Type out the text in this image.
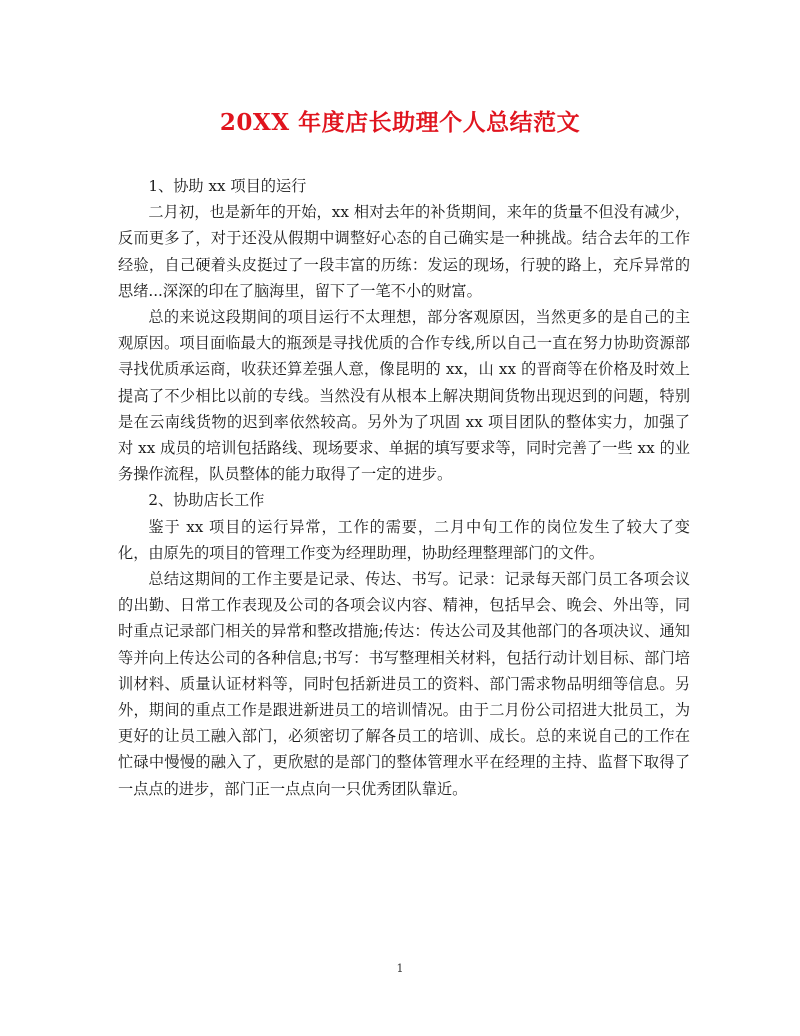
20XX 年度店长助理个人总结范文

1、协助 xx 项目的运行

二月初，也是新年的开始，xx 相对去年的补货期间，来年的货量不但没有减少，反而更多了，对于还没从假期中调整好心态的自己确实是一种挑战。结合去年的工作经验，自己硬着头皮挺过了一段丰富的历练：发运的现场，行驶的路上，充斥异常的思绪...深深的印在了脑海里，留下了一笔不小的财富。

总的来说这段期间的项目运行不太理想，部分客观原因，当然更多的是自己的主观原因。项目面临最大的瓶颈是寻找优质的合作专线,所以自己一直在努力协助资源部寻找优质承运商，收获还算差强人意，像昆明的 xx，山 xx 的晋商等在价格及时效上提高了不少相比以前的专线。当然没有从根本上解决期间货物出现迟到的问题，特别是在云南线货物的迟到率依然较高。另外为了巩固 xx 项目团队的整体实力，加强了对 xx 成员的培训包括路线、现场要求、单据的填写要求等，同时完善了一些 xx 的业务操作流程，队员整体的能力取得了一定的进步。

2、协助店长工作

鉴于 xx 项目的运行异常，工作的需要，二月中旬工作的岗位发生了较大了变化，由原先的项目的管理工作变为经理助理，协助经理整理部门的文件。

总结这期间的工作主要是记录、传达、书写。记录：记录每天部门员工各项会议的出勤、日常工作表现及公司的各项会议内容、精神，包括早会、晚会、外出等，同时重点记录部门相关的异常和整改措施;传达：传达公司及其他部门的各项决议、通知等并向上传达公司的各种信息;书写：书写整理相关材料，包括行动计划目标、部门培训材料、质量认证材料等，同时包括新进员工的资料、部门需求物品明细等信息。另外，期间的重点工作是跟进新进员工的培训情况。由于二月份公司招进大批员工，为更好的让员工融入部门，必须密切了解各员工的培训、成长。总的来说自己的工作在忙碌中慢慢的融入了，更欣慰的是部门的整体管理水平在经理的主持、监督下取得了一点点的进步，部门正一点点向一只优秀团队靠近。

1
